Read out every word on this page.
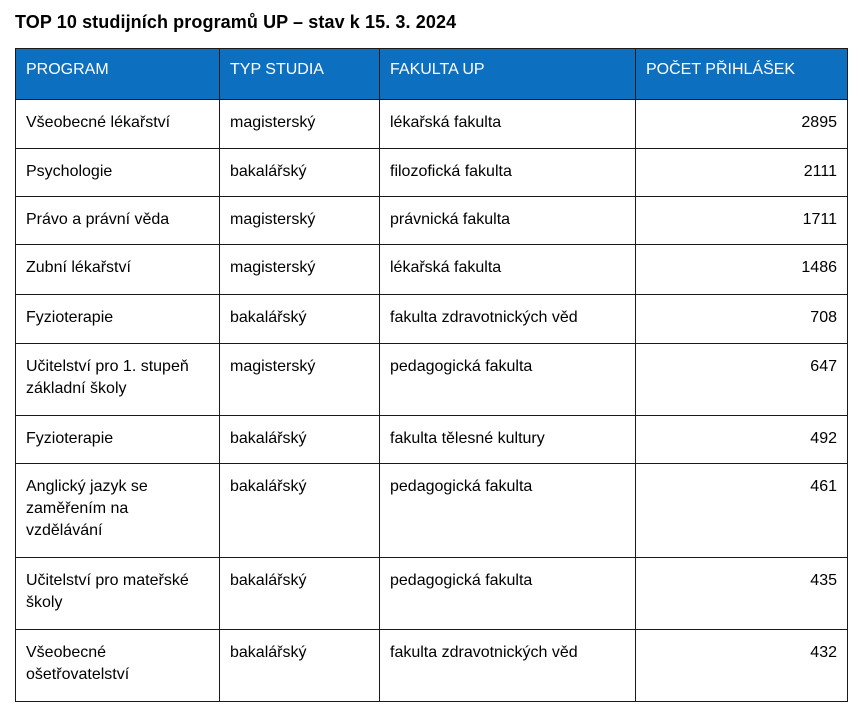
TOP 10 studijních programů UP – stav k 15. 3. 2024
PROGRAM	TYP STUDIA	FAKULTA UP	POČET PŘIHLÁŠEK
Všeobecné lékařství	magisterský	lékařská fakulta	2895
Psychologie	bakalářský	filozofická fakulta	2111
Právo a právní věda	magisterský	právnická fakulta	1711
Zubní lékařství	magisterský	lékařská fakulta	1486
Fyzioterapie	bakalářský	fakulta zdravotnických věd	708
Učitelství pro 1. stupeň základní školy	magisterský	pedagogická fakulta	647
Fyzioterapie	bakalářský	fakulta tělesné kultury	492
Anglický jazyk se zaměřením na vzdělávání	bakalářský	pedagogická fakulta	461
Učitelství pro mateřské školy	bakalářský	pedagogická fakulta	435
Všeobecné ošetřovatelství	bakalářský	fakulta zdravotnických věd	432
